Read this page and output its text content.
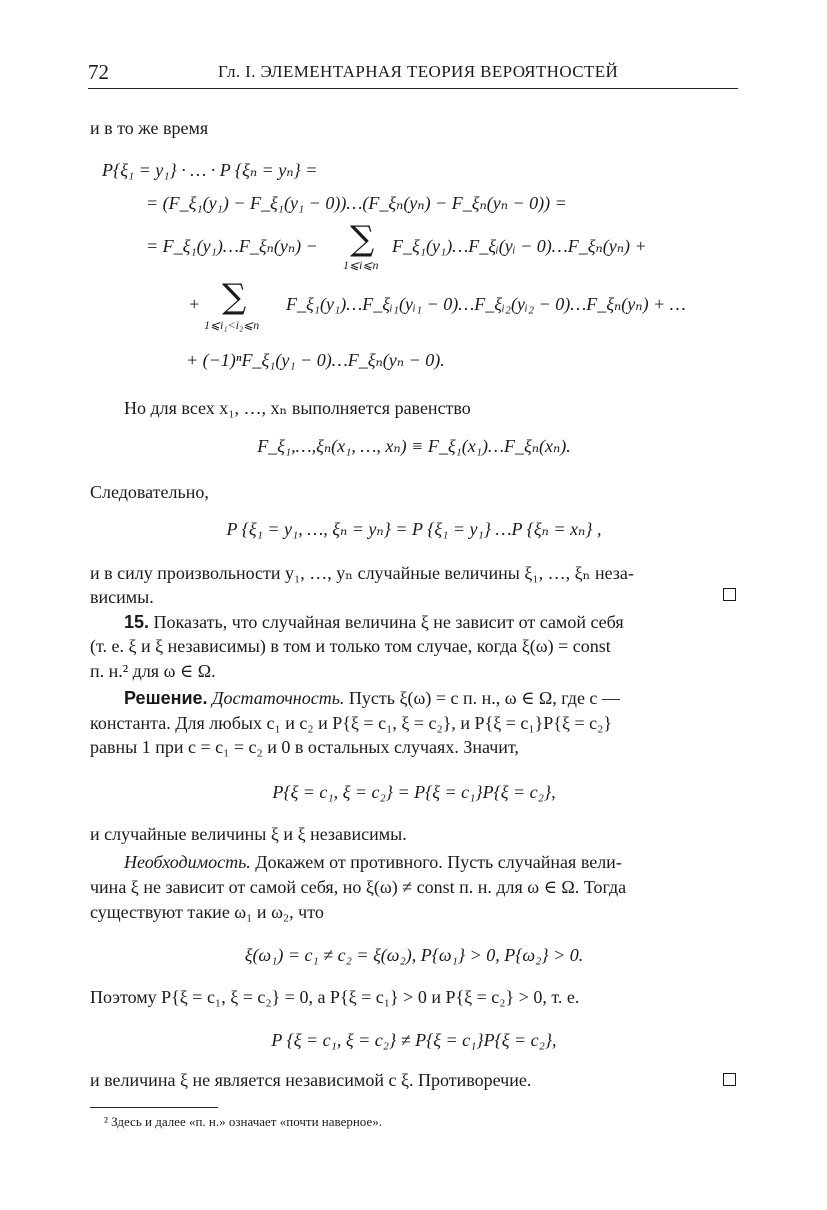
72	Гл. I. ЭЛЕМЕНТАРНАЯ ТЕОРИЯ ВЕРОЯТНОСТЕЙ
и в то же время
P{ξ₁ = y₁} · … · P {ξₙ = yₙ} =
= (F_ξ₁(y₁) − F_ξ₁(y₁ − 0))…(F_ξₙ(yₙ) − F_ξₙ(yₙ − 0)) =
= F_ξ₁(y₁)…F_ξₙ(yₙ) − ∑
1⩽i⩽n
F_ξ₁(y₁)…F_ξᵢ(yᵢ − 0)…F_ξₙ(yₙ) +
+ ∑
1⩽i₁<i₂⩽n
F_ξ₁(y₁)…F_ξᵢ₁(yᵢ₁ − 0)…F_ξᵢ₂(yᵢ₂ − 0)…F_ξₙ(yₙ) + …
+ (−1)ⁿF_ξ₁(y₁ − 0)…F_ξₙ(yₙ − 0).
Но для всех x₁, …, xₙ выполняется равенство
F_ξ₁,…,ξₙ(x₁, …, xₙ) ≡ F_ξ₁(x₁)…F_ξₙ(xₙ).
Следовательно,
P {ξ₁ = y₁, …, ξₙ = yₙ} = P {ξ₁ = y₁} …P {ξₙ = xₙ} ,
и в силу произвольности y₁, …, yₙ случайные величины ξ₁, …, ξₙ неза-
висимы.
15. Показать, что случайная величина ξ не зависит от самой себя
(т. е. ξ и ξ независимы) в том и только том случае, когда ξ(ω) = const
п. н.² для ω ∈ Ω.
Решение. Достаточность. Пусть ξ(ω) = c п. н., ω ∈ Ω, где c —
константа. Для любых c₁ и c₂ и P{ξ = c₁, ξ = c₂}, и P{ξ = c₁}P{ξ = c₂}
равны 1 при c = c₁ = c₂ и 0 в остальных случаях. Значит,
P{ξ = c₁, ξ = c₂} = P{ξ = c₁}P{ξ = c₂},
и случайные величины ξ и ξ независимы.
Необходимость. Докажем от противного. Пусть случайная вели-
чина ξ не зависит от самой себя, но ξ(ω) ≠ const п. н. для ω ∈ Ω. Тогда
существуют такие ω₁ и ω₂, что
ξ(ω₁) = c₁ ≠ c₂ = ξ(ω₂), P{ω₁} > 0, P{ω₂} > 0.
Поэтому P{ξ = c₁, ξ = c₂} = 0, а P{ξ = c₁} > 0 и P{ξ = c₂} > 0, т. е.
P {ξ = c₁, ξ = c₂} ≠ P{ξ = c₁}P{ξ = c₂},
и величина ξ не является независимой с ξ. Противоречие.
² Здесь и далее «п. н.» означает «почти наверное».
